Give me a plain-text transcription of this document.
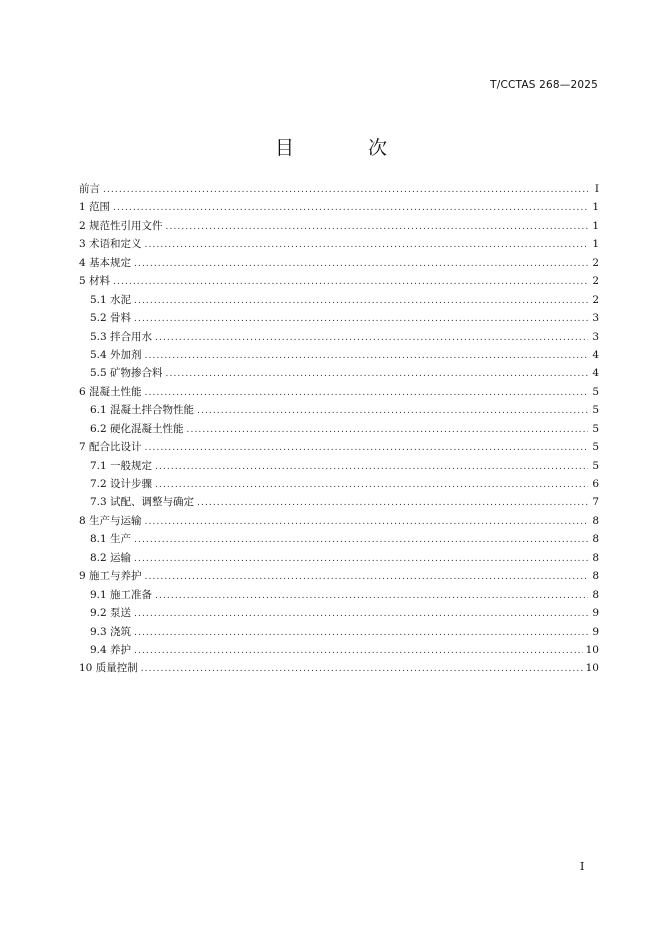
T/CCTAS 268—2025
目 次
前言 .....	I
1 范围 .....	1
2 规范性引用文件 .....	1
3 术语和定义 .....	1
4 基本规定 .....	2
5 材料 .....	2
5.1 水泥 .....	2
5.2 骨料 .....	3
5.3 拌合用水 .....	3
5.4 外加剂 .....	4
5.5 矿物掺合料 .....	4
6 混凝土性能 .....	5
6.1 混凝土拌合物性能 .....	5
6.2 硬化混凝土性能 .....	5
7 配合比设计 .....	5
7.1 一般规定 .....	5
7.2 设计步骤 .....	6
7.3 试配、调整与确定 .....	7
8 生产与运输 .....	8
8.1 生产 .....	8
8.2 运输 .....	8
9 施工与养护 .....	8
9.1 施工准备 .....	8
9.2 泵送 .....	9
9.3 浇筑 .....	9
9.4 养护 .....	10
10 质量控制 .....	10
I
